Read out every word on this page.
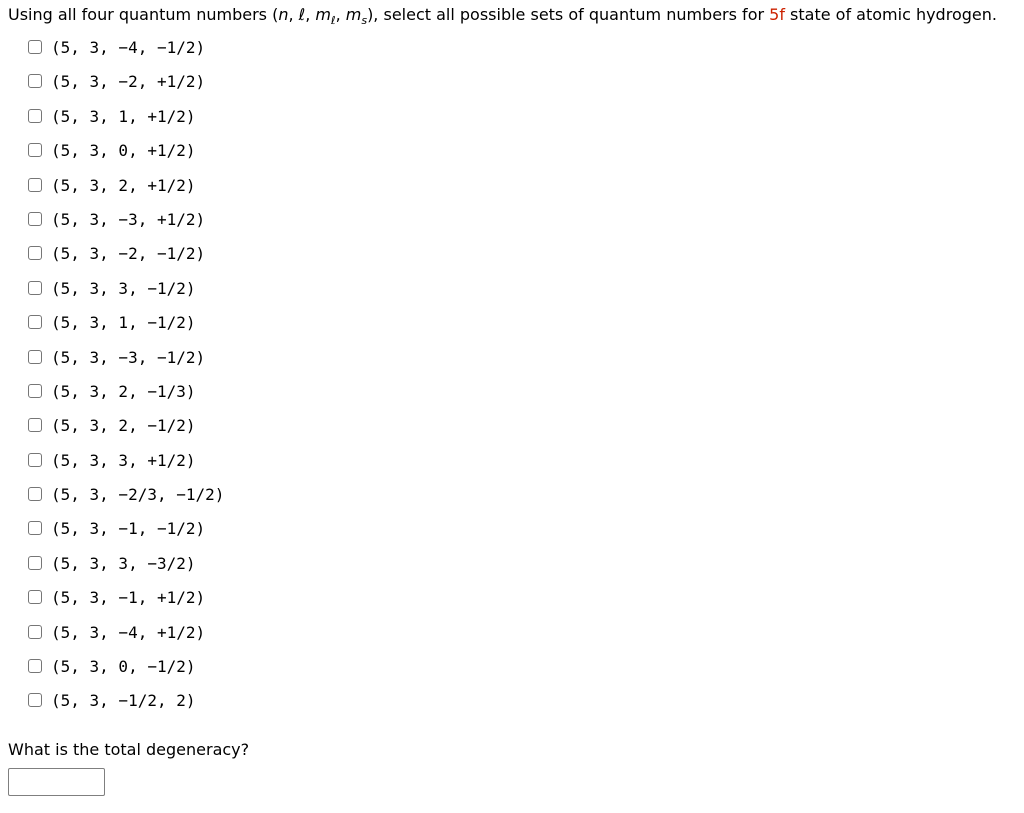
Using all four quantum numbers (n, ℓ, $m_\ell$, $m_s$), select all possible sets of quantum numbers for 5f state of atomic hydrogen.
(5, 3, −4, −1/2)
(5, 3, −2, +1/2)
(5, 3, 1, +1/2)
(5, 3, 0, +1/2)
(5, 3, 2, +1/2)
(5, 3, −3, +1/2)
(5, 3, −2, −1/2)
(5, 3, 3, −1/2)
(5, 3, 1, −1/2)
(5, 3, −3, −1/2)
(5, 3, 2, −1/3)
(5, 3, 2, −1/2)
(5, 3, 3, +1/2)
(5, 3, −2/3, −1/2)
(5, 3, −1, −1/2)
(5, 3, 3, −3/2)
(5, 3, −1, +1/2)
(5, 3, −4, +1/2)
(5, 3, 0, −1/2)
(5, 3, −1/2, 2)

What is the total degeneracy?
